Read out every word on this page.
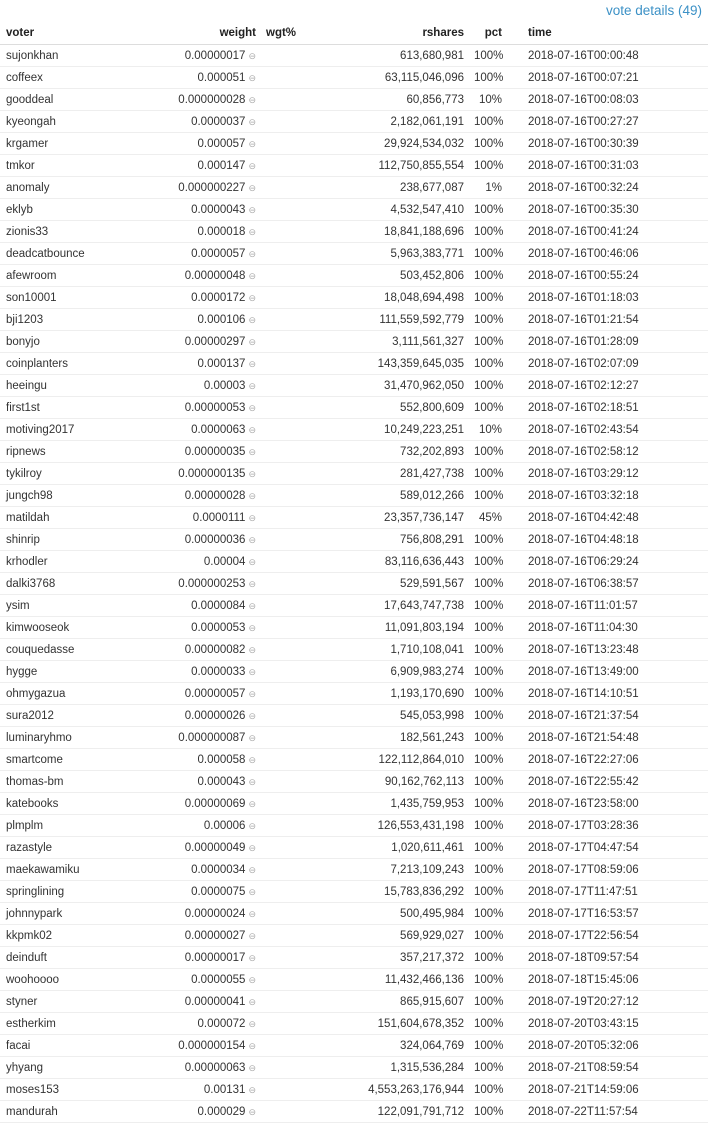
vote details (49)
voter	weight	wgt%	rshares	pct	time
sujonkhan	0.00000017 ⊖		613,680,981	100%	2018-07-16T00:00:48
coffeex	0.000051 ⊖		63,115,046,096	100%	2018-07-16T00:07:21
gooddeal	0.000000028 ⊖		60,856,773	10%	2018-07-16T00:08:03
kyeongah	0.0000037 ⊖		2,182,061,191	100%	2018-07-16T00:27:27
krgamer	0.000057 ⊖		29,924,534,032	100%	2018-07-16T00:30:39
tmkor	0.000147 ⊖		112,750,855,554	100%	2018-07-16T00:31:03
anomaly	0.000000227 ⊖		238,677,087	1%	2018-07-16T00:32:24
eklyb	0.0000043 ⊖		4,532,547,410	100%	2018-07-16T00:35:30
zionis33	0.000018 ⊖		18,841,188,696	100%	2018-07-16T00:41:24
deadcatbounce	0.0000057 ⊖		5,963,383,771	100%	2018-07-16T00:46:06
afewroom	0.00000048 ⊖		503,452,806	100%	2018-07-16T00:55:24
son10001	0.0000172 ⊖		18,048,694,498	100%	2018-07-16T01:18:03
bji1203	0.000106 ⊖		111,559,592,779	100%	2018-07-16T01:21:54
bonyjo	0.00000297 ⊖		3,111,561,327	100%	2018-07-16T01:28:09
coinplanters	0.000137 ⊖		143,359,645,035	100%	2018-07-16T02:07:09
heeingu	0.00003 ⊖		31,470,962,050	100%	2018-07-16T02:12:27
first1st	0.00000053 ⊖		552,800,609	100%	2018-07-16T02:18:51
motiving2017	0.0000063 ⊖		10,249,223,251	10%	2018-07-16T02:43:54
ripnews	0.00000035 ⊖		732,202,893	100%	2018-07-16T02:58:12
tykilroy	0.000000135 ⊖		281,427,738	100%	2018-07-16T03:29:12
jungch98	0.00000028 ⊖		589,012,266	100%	2018-07-16T03:32:18
matildah	0.0000111 ⊖		23,357,736,147	45%	2018-07-16T04:42:48
shinrip	0.00000036 ⊖		756,808,291	100%	2018-07-16T04:48:18
krhodler	0.00004 ⊖		83,116,636,443	100%	2018-07-16T06:29:24
dalki3768	0.000000253 ⊖		529,591,567	100%	2018-07-16T06:38:57
ysim	0.0000084 ⊖		17,643,747,738	100%	2018-07-16T11:01:57
kimwooseok	0.0000053 ⊖		11,091,803,194	100%	2018-07-16T11:04:30
couquedasse	0.00000082 ⊖		1,710,108,041	100%	2018-07-16T13:23:48
hygge	0.0000033 ⊖		6,909,983,274	100%	2018-07-16T13:49:00
ohmygazua	0.00000057 ⊖		1,193,170,690	100%	2018-07-16T14:10:51
sura2012	0.00000026 ⊖		545,053,998	100%	2018-07-16T21:37:54
luminaryhmo	0.000000087 ⊖		182,561,243	100%	2018-07-16T21:54:48
smartcome	0.000058 ⊖		122,112,864,010	100%	2018-07-16T22:27:06
thomas-bm	0.000043 ⊖		90,162,762,113	100%	2018-07-16T22:55:42
katebooks	0.00000069 ⊖		1,435,759,953	100%	2018-07-16T23:58:00
plmplm	0.00006 ⊖		126,553,431,198	100%	2018-07-17T03:28:36
razastyle	0.00000049 ⊖		1,020,611,461	100%	2018-07-17T04:47:54
maekawamiku	0.0000034 ⊖		7,213,109,243	100%	2018-07-17T08:59:06
springlining	0.0000075 ⊖		15,783,836,292	100%	2018-07-17T11:47:51
johnnypark	0.00000024 ⊖		500,495,984	100%	2018-07-17T16:53:57
kkpmk02	0.00000027 ⊖		569,929,027	100%	2018-07-17T22:56:54
deinduft	0.00000017 ⊖		357,217,372	100%	2018-07-18T09:57:54
woohoooo	0.0000055 ⊖		11,432,466,136	100%	2018-07-18T15:45:06
styner	0.00000041 ⊖		865,915,607	100%	2018-07-19T20:27:12
estherkim	0.000072 ⊖		151,604,678,352	100%	2018-07-20T03:43:15
facai	0.000000154 ⊖		324,064,769	100%	2018-07-20T05:32:06
yhyang	0.00000063 ⊖		1,315,536,284	100%	2018-07-21T08:59:54
moses153	0.00131 ⊖		4,553,263,176,944	100%	2018-07-21T14:59:06
mandurah	0.000029 ⊖		122,091,791,712	100%	2018-07-22T11:57:54
